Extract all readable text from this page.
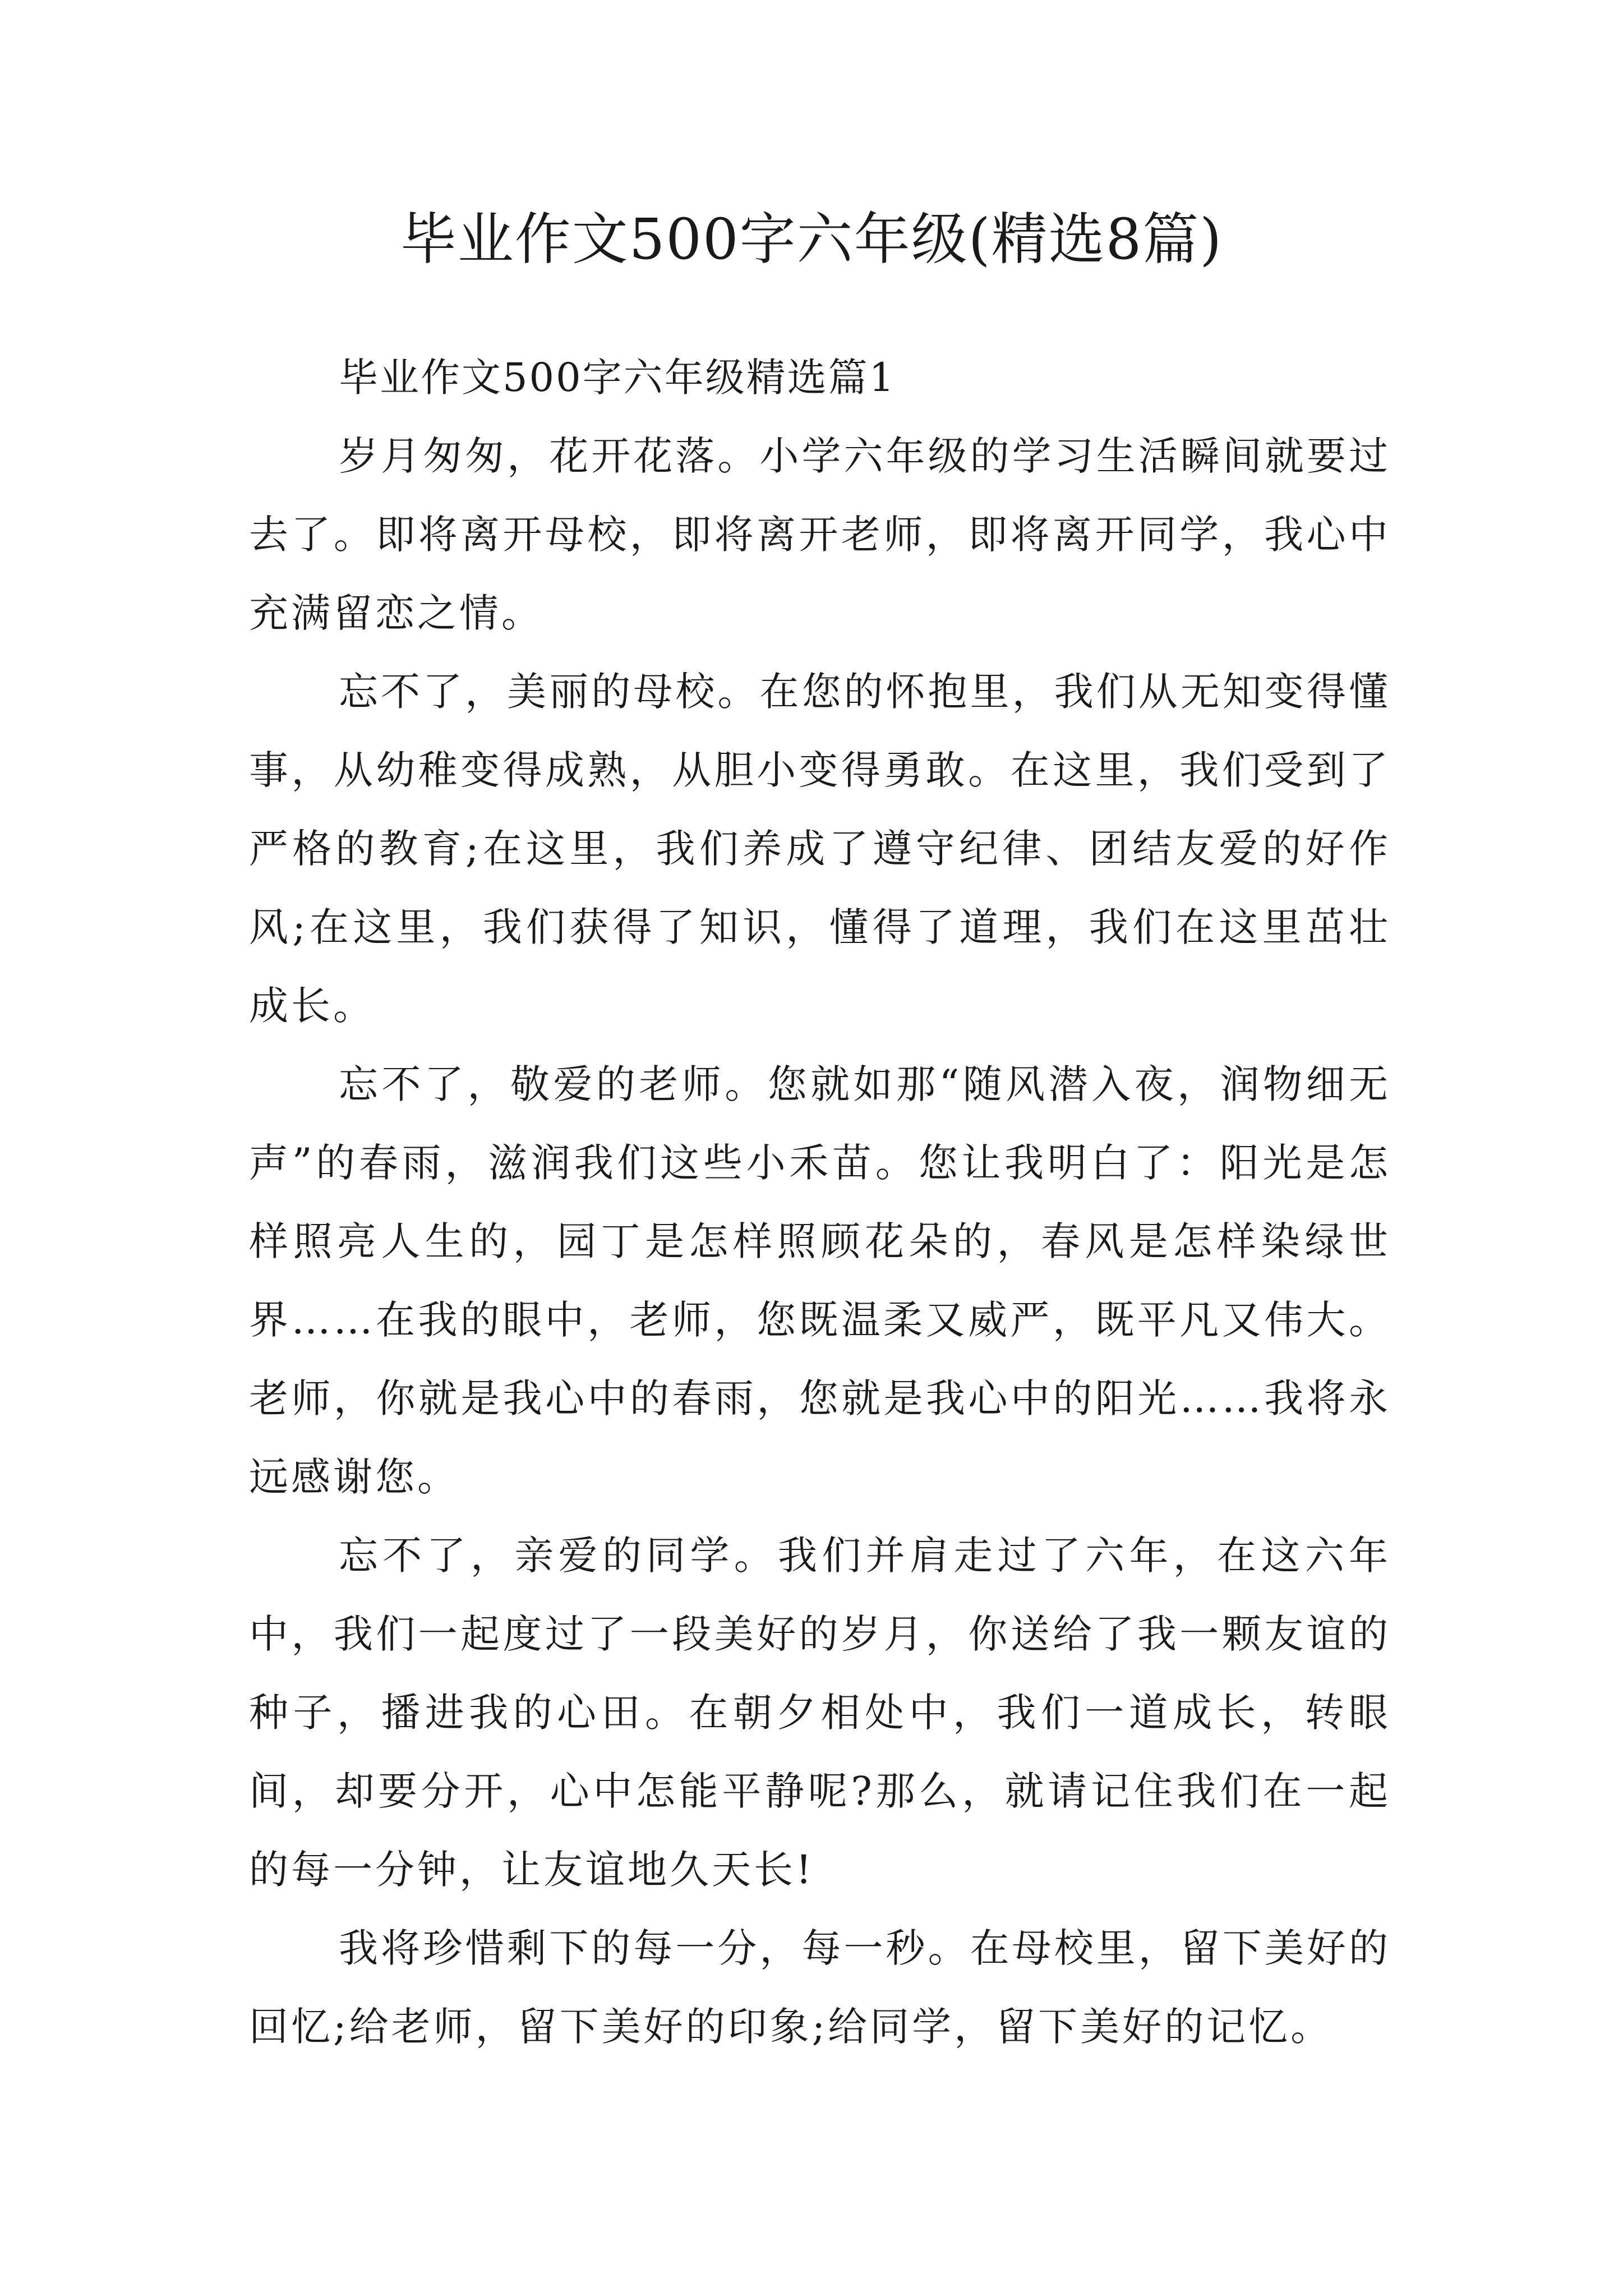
毕业作文500字六年级(精选8篇)

毕业作文500字六年级精选篇1

岁月匆匆，花开花落。小学六年级的学习生活瞬间就要过去了。即将离开母校，即将离开老师，即将离开同学，我心中充满留恋之情。

忘不了，美丽的母校。在您的怀抱里，我们从无知变得懂事，从幼稚变得成熟，从胆小变得勇敢。在这里，我们受到了严格的教育;在这里，我们养成了遵守纪律、团结友爱的好作风;在这里，我们获得了知识，懂得了道理，我们在这里茁壮成长。

忘不了，敬爱的老师。您就如那“随风潜入夜，润物细无声”的春雨，滋润我们这些小禾苗。您让我明白了：阳光是怎样照亮人生的，园丁是怎样照顾花朵的，春风是怎样染绿世界……在我的眼中，老师，您既温柔又威严，既平凡又伟大。老师，你就是我心中的春雨，您就是我心中的阳光……我将永远感谢您。

忘不了，亲爱的同学。我们并肩走过了六年，在这六年中，我们一起度过了一段美好的岁月，你送给了我一颗友谊的种子，播进我的心田。在朝夕相处中，我们一道成长，转眼间，却要分开，心中怎能平静呢?那么，就请记住我们在一起的每一分钟，让友谊地久天长!

我将珍惜剩下的每一分，每一秒。在母校里，留下美好的回忆;给老师，留下美好的印象;给同学，留下美好的记忆。
